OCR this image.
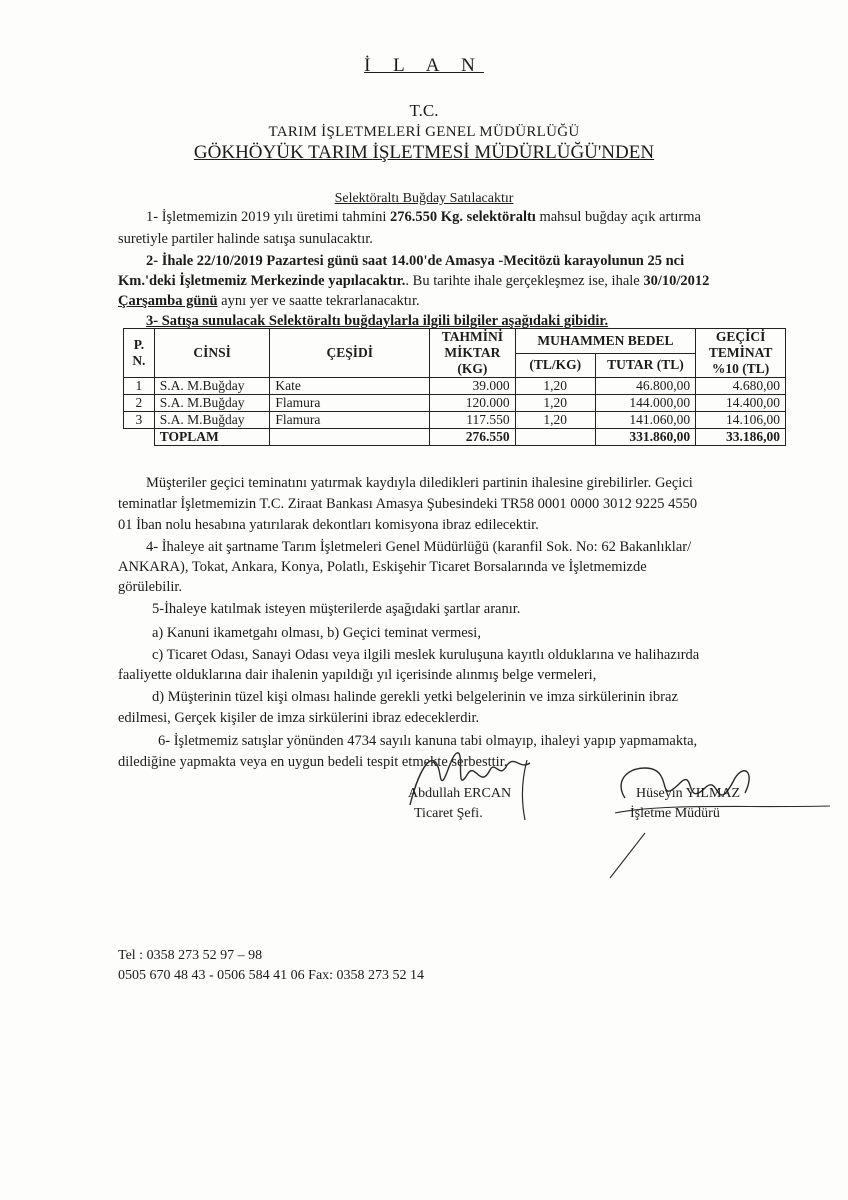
İ L A N
T.C.
TARIM İŞLETMELERİ GENEL MÜDÜRLÜĞÜ
GÖKHÖYÜK TARIM İŞLETMESİ MÜDÜRLÜĞÜ'NDEN
Selektöraltı Buğday Satılacaktır
1- İşletmemizin 2019 yılı üretimi tahmini 276.550 Kg. selektöraltı mahsul buğday açık artırma
suretiyle partiler halinde satışa sunulacaktır.
2- İhale 22/10/2019 Pazartesi günü saat 14.00'de Amasya -Mecitözü karayolunun 25 nci
Km.'deki İşletmemiz Merkezinde yapılacaktır.. Bu tarihte ihale gerçekleşmez ise, ihale 30/10/2012
Çarşamba günü aynı yer ve saatte tekrarlanacaktır.
3- Satışa sunulacak Selektöraltı buğdaylarla ilgili bilgiler aşağıdaki gibidir.
P. N.	CİNSİ	ÇEŞİDİ	TAHMİNİ MİKTAR (KG)	MUHAMMEN BEDEL		GEÇİCİ TEMİNAT %10 (TL)
				(TL/KG)	TUTAR (TL)	
1	S.A. M.Buğday	Kate	39.000	1,20	46.800,00	4.680,00
2	S.A. M.Buğday	Flamura	120.000	1,20	144.000,00	14.400,00
3	S.A. M.Buğday	Flamura	117.550	1,20	141.060,00	14.106,00
	TOPLAM		276.550		331.860,00	33.186,00
Müşteriler geçici teminatını yatırmak kaydıyla diledikleri partinin ihalesine girebilirler. Geçici
teminatlar İşletmemizin T.C. Ziraat Bankası Amasya Şubesindeki TR58 0001 0000 3012 9225 4550
01 İban nolu hesabına yatırılarak dekontları komisyona ibraz edilecektir.
4- İhaleye ait şartname Tarım İşletmeleri Genel Müdürlüğü (karanfil Sok. No: 62 Bakanlıklar/
ANKARA), Tokat, Ankara, Konya, Polatlı, Eskişehir Ticaret Borsalarında ve İşletmemizde
görülebilir.
5-İhaleye katılmak isteyen müşterilerde aşağıdaki şartlar aranır.
a) Kanuni ikametgahı olması, b) Geçici teminat vermesi,
c) Ticaret Odası, Sanayi Odası veya ilgili meslek kuruluşuna kayıtlı olduklarına ve halihazırda
faaliyette olduklarına dair ihalenin yapıldığı yıl içerisinde alınmış belge vermeleri,
d) Müşterinin tüzel kişi olması halinde gerekli yetki belgelerinin ve imza sirkülerinin ibraz
edilmesi, Gerçek kişiler de imza sirkülerini ibraz edeceklerdir.
6- İşletmemiz satışlar yönünden 4734 sayılı kanuna tabi olmayıp, ihaleyi yapıp yapmamakta,
dilediğine yapmakta veya en uygun bedeli tespit etmekte serbesttir.
Abdullah ERCAN
Ticaret Şefi.
Hüseyin YILMAZ
İşletme Müdürü
Tel : 0358 273 52 97 – 98
0505 670 48 43 - 0506 584 41 06 Fax: 0358 273 52 14
